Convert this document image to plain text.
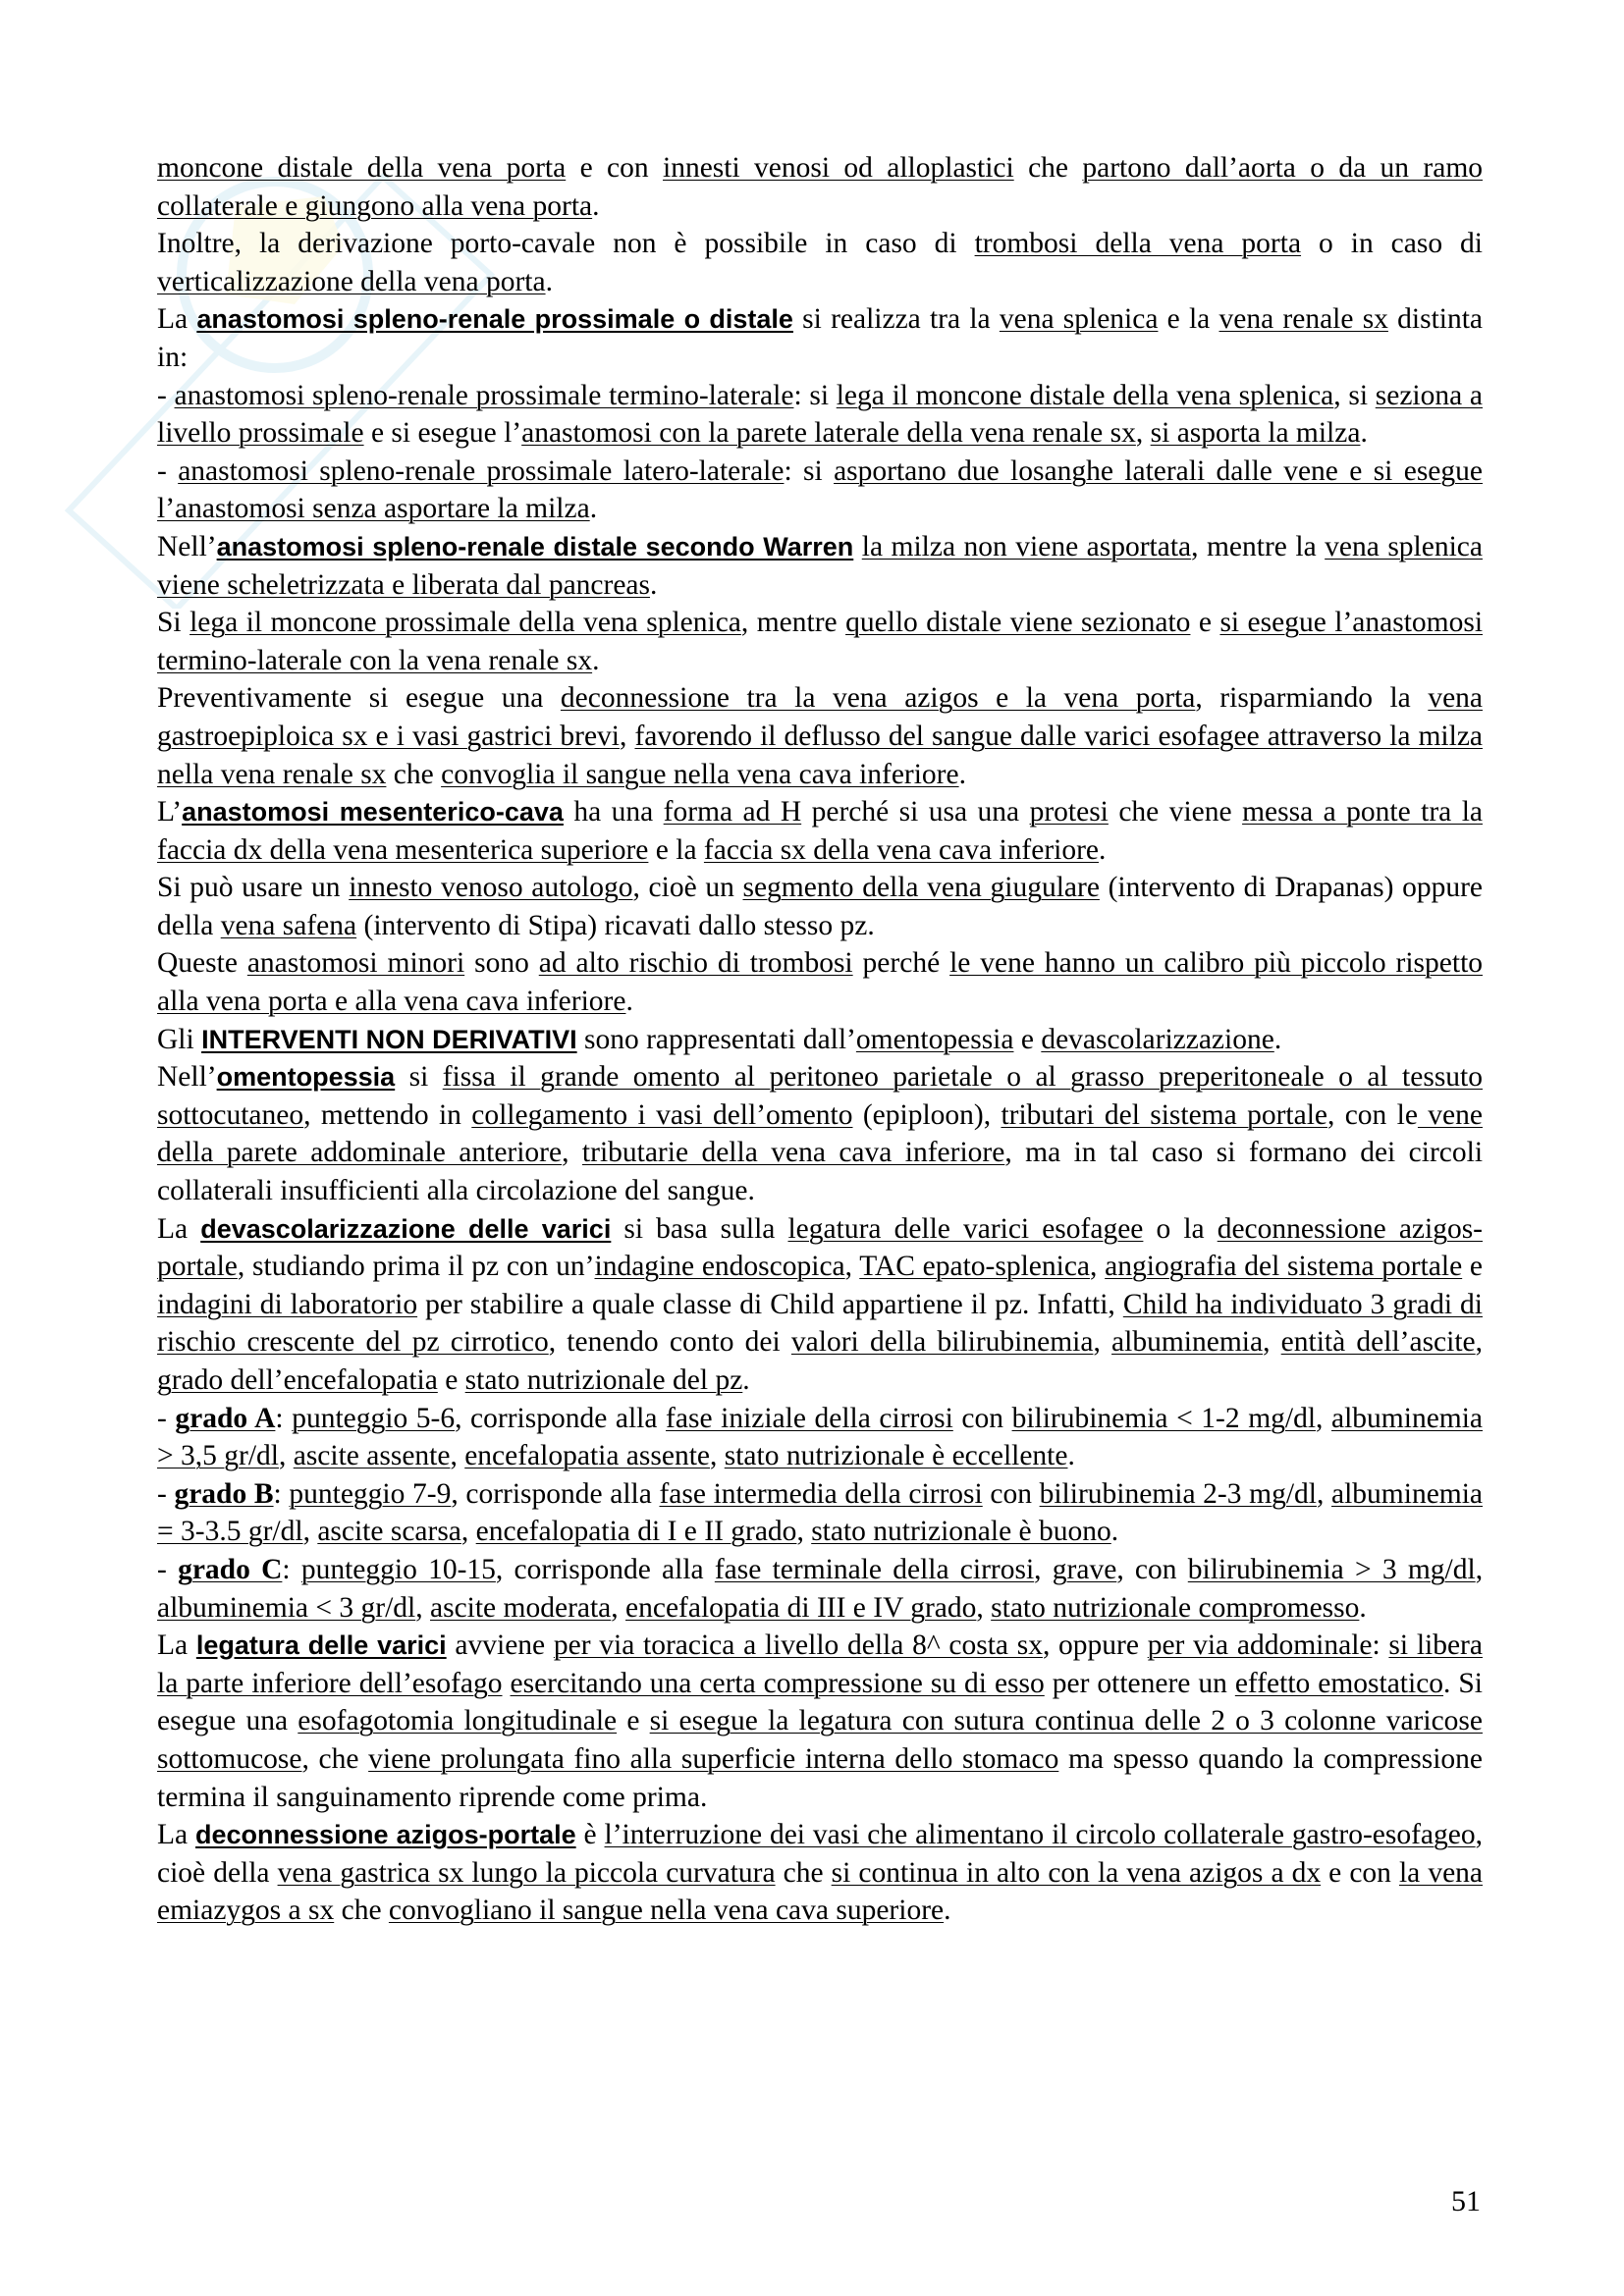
moncone distale della vena porta e con innesti venosi od alloplastici che partono dall’aorta o da un ramo collaterale e giungono alla vena porta.

Inoltre, la derivazione porto-cavale non è possibile in caso di trombosi della vena porta o in caso di verticalizzazione della vena porta.

La anastomosi spleno-renale prossimale o distale si realizza tra la vena splenica e la vena renale sx distinta in:

- anastomosi spleno-renale prossimale termino-laterale: si lega il moncone distale della vena splenica, si seziona a livello prossimale e si esegue l’anastomosi con la parete laterale della vena renale sx, si asporta la milza.

- anastomosi spleno-renale prossimale latero-laterale: si asportano due losanghe laterali dalle vene e si esegue l’anastomosi senza asportare la milza.

Nell’anastomosi spleno-renale distale secondo Warren la milza non viene asportata, mentre la vena splenica viene scheletrizzata e liberata dal pancreas.

Si lega il moncone prossimale della vena splenica, mentre quello distale viene sezionato e si esegue l’anastomosi termino-laterale con la vena renale sx.

Preventivamente si esegue una deconnessione tra la vena azigos e la vena porta, risparmiando la vena gastroepiploica sx e i vasi gastrici brevi, favorendo il deflusso del sangue dalle varici esofagee attraverso la milza nella vena renale sx che convoglia il sangue nella vena cava inferiore.

L’anastomosi mesenterico-cava ha una forma ad H perché si usa una protesi che viene messa a ponte tra la faccia dx della vena mesenterica superiore e la faccia sx della vena cava inferiore.

Si può usare un innesto venoso autologo, cioè un segmento della vena giugulare (intervento di Drapanas) oppure della vena safena (intervento di Stipa) ricavati dallo stesso pz.

Queste anastomosi minori sono ad alto rischio di trombosi perché le vene hanno un calibro più piccolo rispetto alla vena porta e alla vena cava inferiore.

Gli INTERVENTI NON DERIVATIVI sono rappresentati dall’omentopessia e devascolarizzazione.

Nell’omentopessia si fissa il grande omento al peritoneo parietale o al grasso preperitoneale o al tessuto sottocutaneo, mettendo in collegamento i vasi dell’omento (epiploon), tributari del sistema portale, con le vene della parete addominale anteriore, tributarie della vena cava inferiore, ma in tal caso si formano dei circoli collaterali insufficienti alla circolazione del sangue.

La devascolarizzazione delle varici si basa sulla legatura delle varici esofagee o la deconnessione azigos-portale, studiando prima il pz con un’indagine endoscopica, TAC epato-splenica, angiografia del sistema portale e indagini di laboratorio per stabilire a quale classe di Child appartiene il pz. Infatti, Child ha individuato 3 gradi di rischio crescente del pz cirrotico, tenendo conto dei valori della bilirubinemia, albuminemia, entità dell’ascite, grado dell’encefalopatia e stato nutrizionale del pz.

- grado A: punteggio 5-6, corrisponde alla fase iniziale della cirrosi con bilirubinemia < 1-2 mg/dl, albuminemia > 3,5 gr/dl, ascite assente, encefalopatia assente, stato nutrizionale è eccellente.

- grado B: punteggio 7-9, corrisponde alla fase intermedia della cirrosi con bilirubinemia 2-3 mg/dl, albuminemia = 3-3.5 gr/dl, ascite scarsa, encefalopatia di I e II grado, stato nutrizionale è buono.

- grado C: punteggio 10-15, corrisponde alla fase terminale della cirrosi, grave, con bilirubinemia > 3 mg/dl, albuminemia < 3 gr/dl, ascite moderata, encefalopatia di III e IV grado, stato nutrizionale compromesso.

La legatura delle varici avviene per via toracica a livello della 8^ costa sx, oppure per via addominale: si libera la parte inferiore dell’esofago esercitando una certa compressione su di esso per ottenere un effetto emostatico. Si esegue una esofagotomia longitudinale e si esegue la legatura con sutura continua delle 2 o 3 colonne varicose sottomucose, che viene prolungata fino alla superficie interna dello stomaco ma spesso quando la compressione termina il sanguinamento riprende come prima.

La deconnessione azigos-portale è l’interruzione dei vasi che alimentano il circolo collaterale gastro-esofageo, cioè della vena gastrica sx lungo la piccola curvatura che si continua in alto con la vena azigos a dx e con la vena emiazygos a sx che convogliano il sangue nella vena cava superiore.

51
